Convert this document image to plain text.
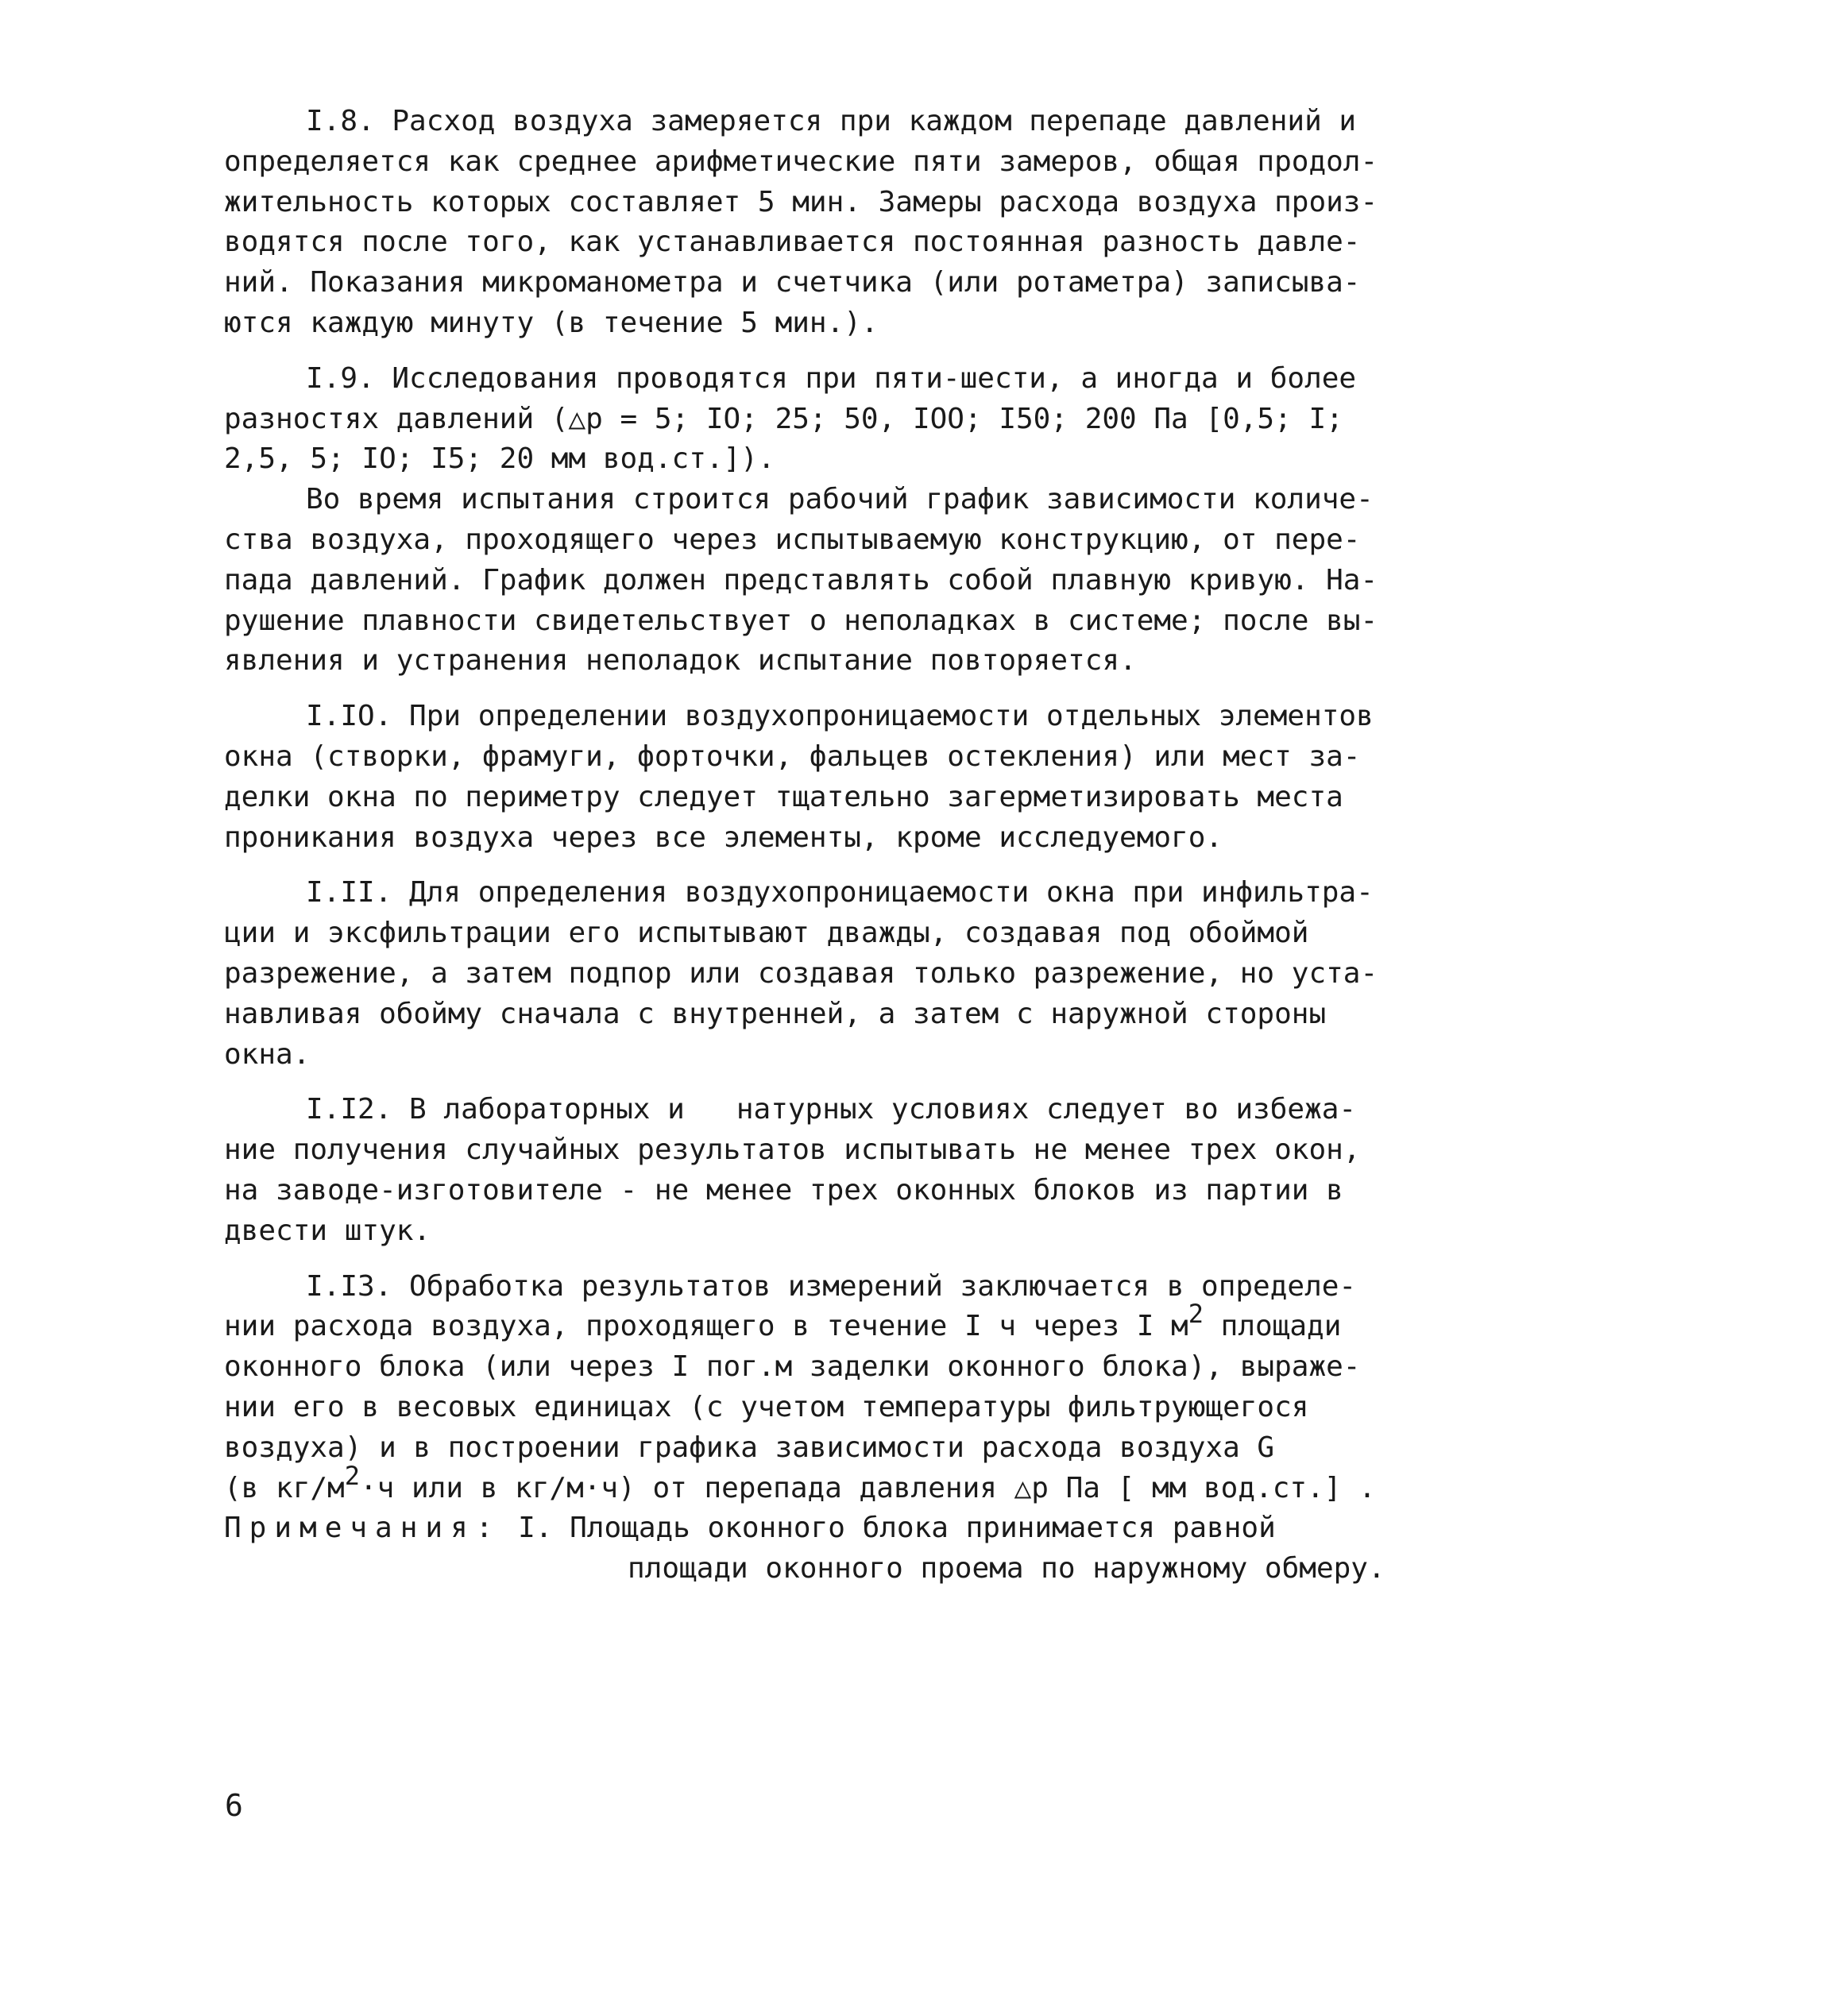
I.8. Расход воздуха замеряется при каждом перепаде давлений и
определяется как среднее арифметические пяти замеров, общая продол-
жительность которых составляет 5 мин. Замеры расхода воздуха произ-
водятся после того, как устанавливается постоянная разность давле-
ний. Показания микроманометра и счетчика (или ротаметра) записыва-
ются каждую минуту (в течение 5 мин.).
I.9. Исследования проводятся при пяти-шести, а иногда и более
разностях давлений (△p = 5; IO; 25; 50, IOO; I50; 200 Па [0,5; I;
2,5, 5; IO; I5; 20 мм вод.ст.]).
Во время испытания строится рабочий график зависимости количе-
ства воздуха, проходящего через испытываемую конструкцию, от пере-
пада давлений. График должен представлять собой плавную кривую. На-
рушение плавности свидетельствует о неполадках в системе; после вы-
явления и устранения неполадок испытание повторяется.
I.IO. При определении воздухопроницаемости отдельных элементов
окна (створки, фрамуги, форточки, фальцев остекления) или мест за-
делки окна по периметру следует тщательно загерметизировать места
проникания воздуха через все элементы, кроме исследуемого.
I.II. Для определения воздухопроницаемости окна при инфильтра-
ции и эксфильтрации его испытывают дважды, создавая под обоймой
разрежение, а затем подпор или создавая только разрежение, но уста-
навливая обойму сначала с внутренней, а затем с наружной стороны
окна.
I.I2. В лабораторных и   натурных условиях следует во избежа-
ние получения случайных результатов испытывать не менее трех окон,
на заводе-изготовителе - не менее трех оконных блоков из партии в
двести штук.
I.I3. Обработка результатов измерений заключается в определе-
нии расхода воздуха, проходящего в течение I ч через I м2 площади
оконного блока (или через I пог.м заделки оконного блока), выраже-
нии его в весовых единицах (с учетом температуры фильтрующегося
воздуха) и в построении графика зависимости расхода воздуха G
(в кг/м2·ч или в кг/м·ч) от перепада давления △p Па [ мм вод.ст.] .
Примечания: I. Площадь оконного блока принимается равной
площади оконного проема по наружному обмеру.
6
